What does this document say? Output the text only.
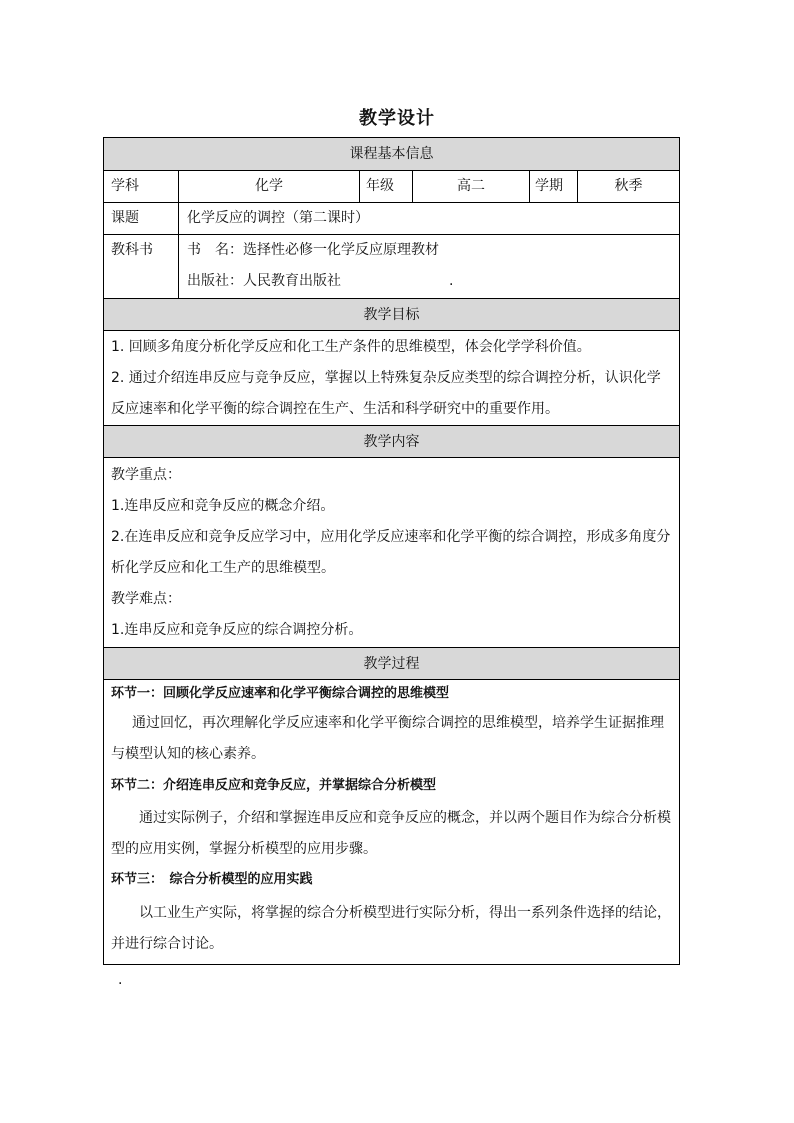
教学设计
课程基本信息
学科	化学	年级	高二	学期	秋季
课题	化学反应的调控（第二课时）
教科书	书　名：选择性必修一化学反应原理教材
出版社：人民教育出版社	.
教学目标
1. 回顾多角度分析化学反应和化工生产条件的思维模型，体会化学学科价值。
2. 通过介绍连串反应与竞争反应，掌握以上特殊复杂反应类型的综合调控分析，认识化学反应速率和化学平衡的综合调控在生产、生活和科学研究中的重要作用。
教学内容
教学重点：
1.连串反应和竞争反应的概念介绍。
2.在连串反应和竞争反应学习中，应用化学反应速率和化学平衡的综合调控，形成多角度分析化学反应和化工生产的思维模型。
教学难点：
1.连串反应和竞争反应的综合调控分析。
教学过程
环节一：回顾化学反应速率和化学平衡综合调控的思维模型
通过回忆，再次理解化学反应速率和化学平衡综合调控的思维模型，培养学生证据推理与模型认知的核心素养。
环节二：介绍连串反应和竞争反应，并掌据综合分析模型
通过实际例子，介绍和掌握连串反应和竞争反应的概念，并以两个题目作为综合分析模型的应用实例，掌握分析模型的应用步骤。
环节三：　综合分析模型的应用实践
以工业生产实际，将掌握的综合分析模型进行实际分析，得出一系列条件选择的结论，并进行综合讨论。
.
